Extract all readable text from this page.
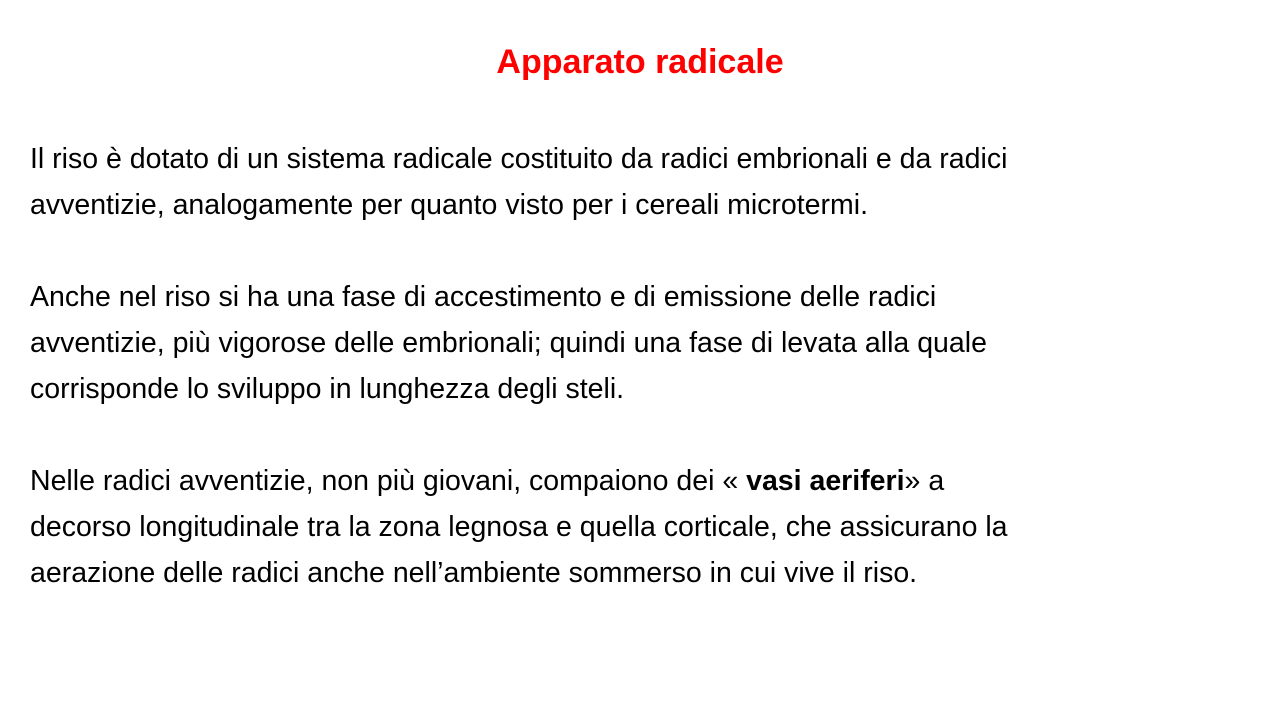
Apparato radicale

Il riso è dotato di un sistema radicale costituito da radici embrionali e da radici
avventizie, analogamente per quanto visto per i cereali microtermi.

Anche nel riso si ha una fase di accestimento e di emissione delle radici
avventizie, più vigorose delle embrionali; quindi una fase di levata alla quale
corrisponde lo sviluppo in lunghezza degli steli.

Nelle radici avventizie, non più giovani, compaiono dei « vasi aeriferi» a
decorso longitudinale tra la zona legnosa e quella corticale, che assicurano la
aerazione delle radici anche nell’ambiente sommerso in cui vive il riso.
